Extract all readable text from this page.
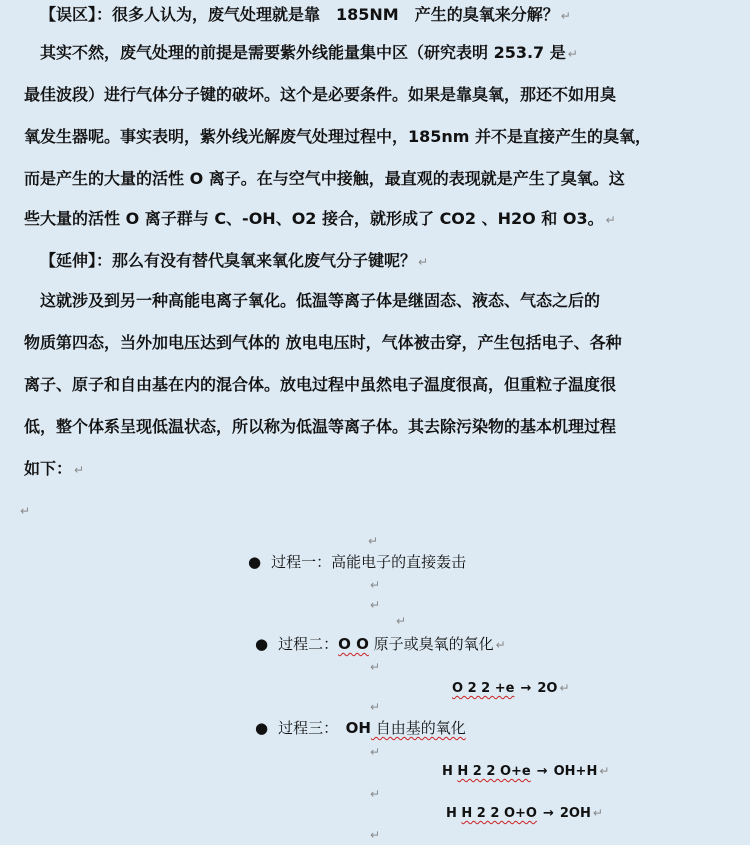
【误区】：很多人认为，废气处理就是靠　185NM　产生的臭氧来分解？ ↵
其实不然，废气处理的前提是需要紫外线能量集中区（研究表明 253.7 是 ↵
最佳波段）进行气体分子键的破坏。这个是必要条件。如果是靠臭氧，那还不如用臭
氧发生器呢。事实表明，紫外线光解废气处理过程中，185nm 并不是直接产生的臭氧，
而是产生的大量的活性 O 离子。在与空气中接触，最直观的表现就是产生了臭氧。这
些大量的活性 O 离子群与 C、-OH、O2 接合，就形成了 CO2 、H2O 和 O3。 ↵
【延伸】：那么有没有替代臭氧来氧化废气分子键呢？ ↵
这就涉及到另一种高能电离子氧化。低温等离子体是继固态、液态、气态之后的
物质第四态，当外加电压达到气体的 放电电压时，气体被击穿，产生包括电子、各种
离子、原子和自由基在内的混合体。放电过程中虽然电子温度很高，但重粒子温度很
低，整个体系呈现低温状态，所以称为低温等离子体。其去除污染物的基本机理过程
如下： ↵
↵
↵
● 过程一：高能电子的直接轰击
↵
↵
↵
● 过程二：O O 原子或臭氧的氧化 ↵
↵
O 2 2 +e → 2O ↵
↵
● 过程三：　OH 自由基的氧化
↵
H H 2 2 O+e → OH+H ↵
↵
H H 2 2 O+O → 2OH ↵
↵
